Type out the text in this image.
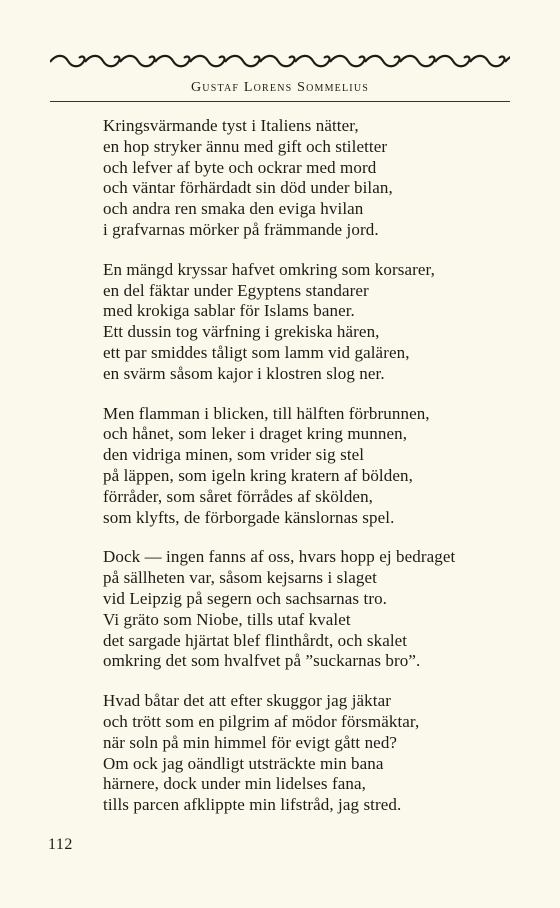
Gustaf Lorens Sommelius
Kringsvärmande tyst i Italiens nätter,
en hop stryker ännu med gift och stiletter
och lefver af byte och ockrar med mord
och väntar förhärdadt sin död under bilan,
och andra ren smaka den eviga hvilan
i grafvarnas mörker på främmande jord.
En mängd kryssar hafvet omkring som korsarer,
en del fäktar under Egyptens standarer
med krokiga sablar för Islams baner.
Ett dussin tog värfning i grekiska hären,
ett par smiddes tåligt som lamm vid galären,
en svärm såsom kajor i klostren slog ner.
Men flamman i blicken, till hälften förbrunnen,
och hånet, som leker i draget kring munnen,
den vidriga minen, som vrider sig stel
på läppen, som igeln kring kratern af bölden,
förråder, som såret förrådes af skölden,
som klyfts, de förborgade känslornas spel.
Dock — ingen fanns af oss, hvars hopp ej bedraget
på sällheten var, såsom kejsarns i slaget
vid Leipzig på segern och sachsarnas tro.
Vi gräto som Niobe, tills utaf kvalet
det sargade hjärtat blef flinthårdt, och skalet
omkring det som hvalfvet på ”suckarnas bro”.
Hvad båtar det att efter skuggor jag jäktar
och trött som en pilgrim af mödor försmäktar,
när soln på min himmel för evigt gått ned?
Om ock jag oändligt utsträckte min bana
härnere, dock under min lidelses fana,
tills parcen afklippte min lifstråd, jag stred.
112
